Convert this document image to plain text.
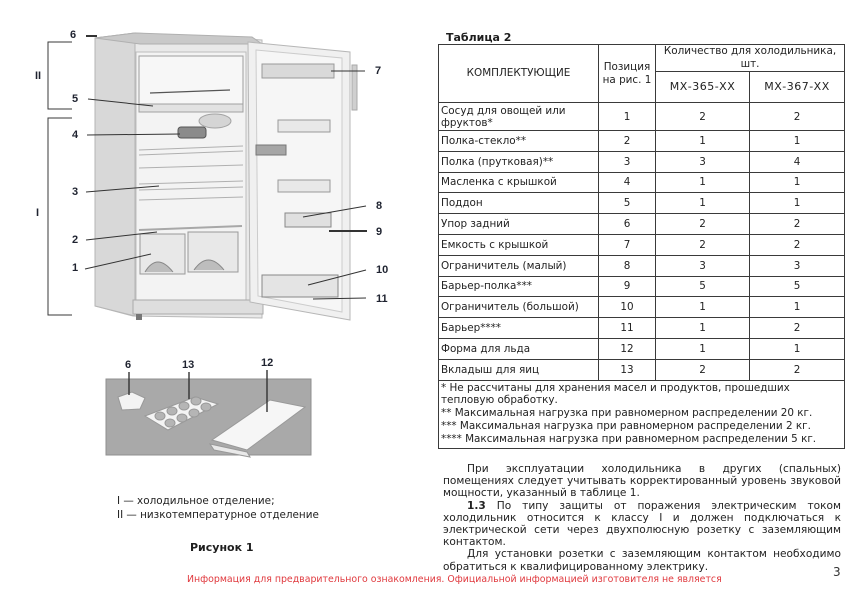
6
5
4
3
2
1
7
8
9
10
11
6	13	12
II
I
I — холодильное отделение;
II — низкотемпературное отделение
Рисунок 1
Таблица 2
КОМПЛЕКТУЮЩИЕ	Позиция на рис. 1	Количество для холодильника, шт.	
		МХ-365-ХХ	МХ-367-ХХ
Сосуд для овощей или фруктов*	1	2	2
Полка-стекло**	2	1	1
Полка (прутковая)**	3	3	4
Масленка с крышкой	4	1	1
Поддон	5	1	1
Упор задний	6	2	2
Емкость с крышкой	7	2	2
Ограничитель (малый)	8	3	3
Барьер-полка***	9	5	5
Ограничитель (большой)	10	1	1
Барьер****	11	1	2
Форма для льда	12	1	1
Вкладыш для яиц	13	2	2

* Не рассчитаны для хранения масел и продуктов, прошедших тепловую обработку.
** Максимальная нагрузка при равномерном распределении 20 кг.
*** Максимальная нагрузка при равномерном распределении 2 кг.
**** Максимальная нагрузка при равномерном распределении 5 кг.			

При эксплуатации холодильника в других (спальных) помещениях следует учитывать корректированный уровень звуковой мощности, указанный в таблице 1.

1.3 По типу защиты от поражения электрическим током холодильник относится к классу I и должен подключаться к электрической сети через двухполюсную розетку с заземляющим контактом.

Для установки розетки с заземляющим контактом необходимо обратиться к квалифицированному электрику.

Информация для предварительного ознакомления. Официальной информацией изготовителя не является
3
